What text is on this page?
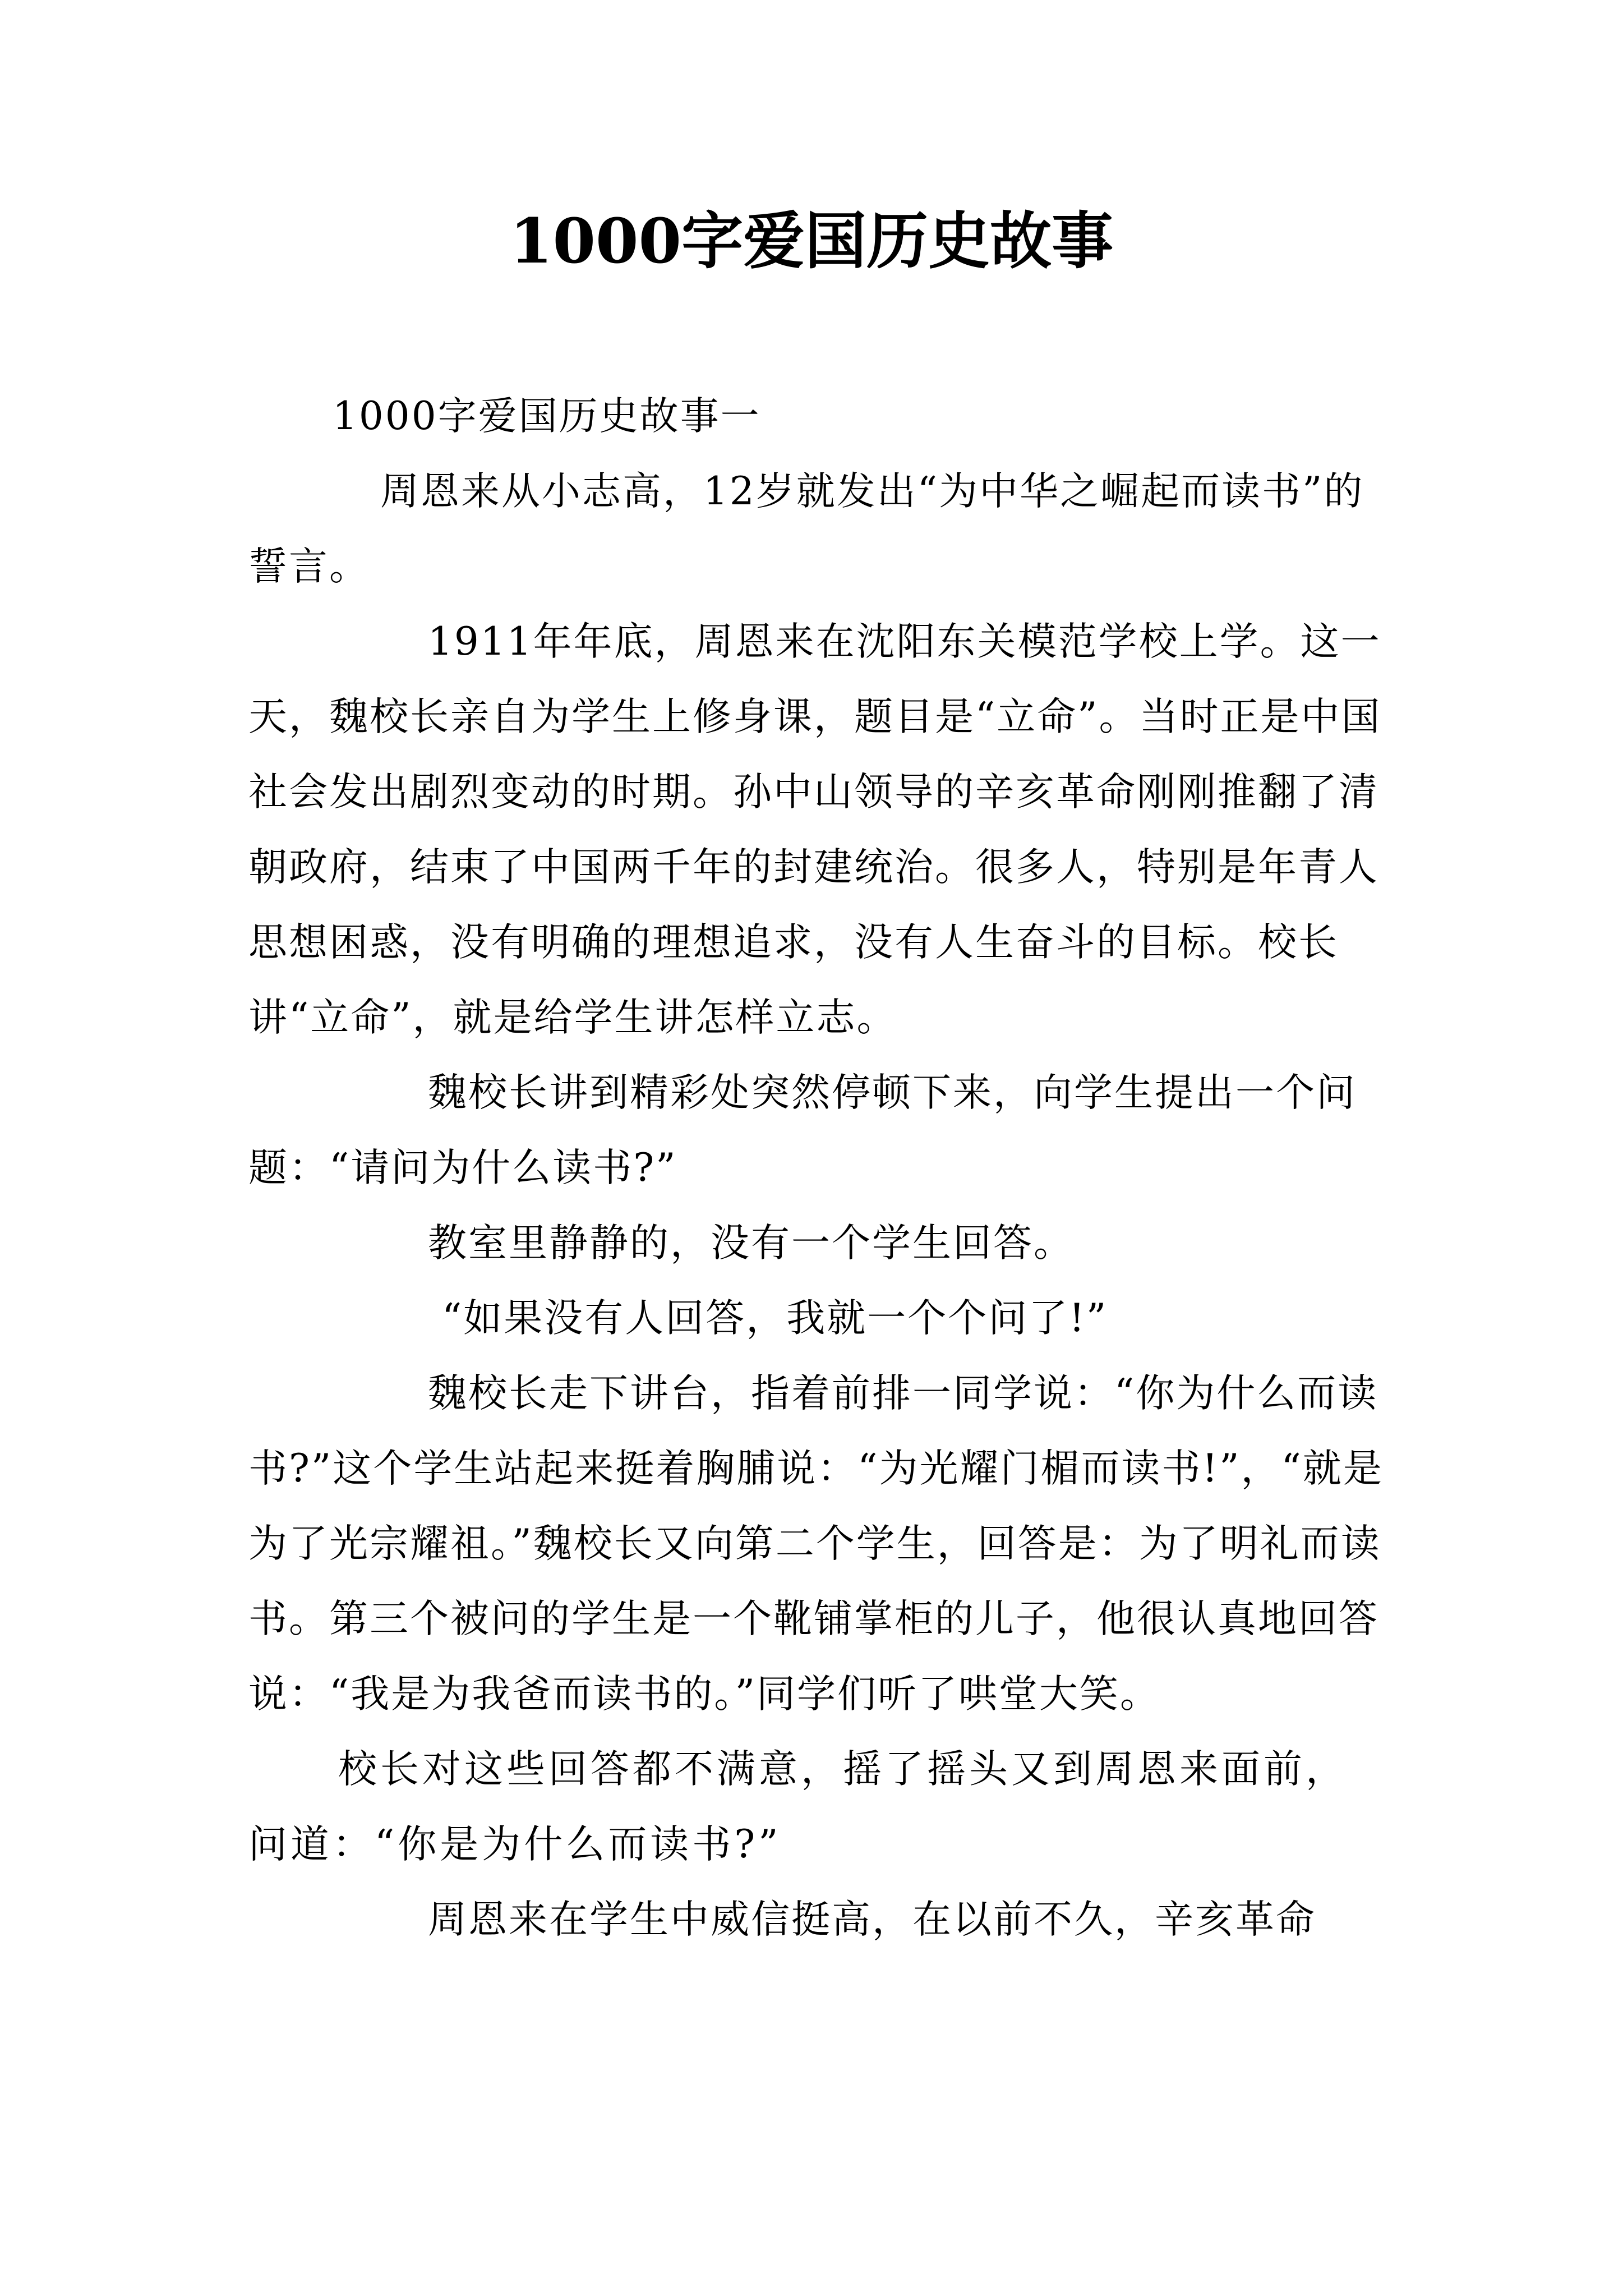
1000字爱国历史故事

1000字爱国历史故事一

周恩来从小志高，12岁就发出“为中华之崛起而读书”的誓言。

1911年年底，周恩来在沈阳东关模范学校上学。这一天，魏校长亲自为学生上修身课，题目是“立命”。当时正是中国社会发出剧烈变动的时期。孙中山领导的辛亥革命刚刚推翻了清朝政府，结束了中国两千年的封建统治。很多人，特别是年青人思想困惑，没有明确的理想追求，没有人生奋斗的目标。校长讲“立命”，就是给学生讲怎样立志。

魏校长讲到精彩处突然停顿下来，向学生提出一个问题：“请问为什么读书?”

教室里静静的，没有一个学生回答。

“如果没有人回答，我就一个个问了!”

魏校长走下讲台，指着前排一同学说：“你为什么而读书?”这个学生站起来挺着胸脯说：“为光耀门楣而读书!”，“就是为了光宗耀祖。”魏校长又向第二个学生，回答是：为了明礼而读书。第三个被问的学生是一个靴铺掌柜的儿子，他很认真地回答说：“我是为我爸而读书的。”同学们听了哄堂大笑。

校长对这些回答都不满意，摇了摇头又到周恩来面前，问道：“你是为什么而读书?”

周恩来在学生中威信挺高，在以前不久，辛亥革命
